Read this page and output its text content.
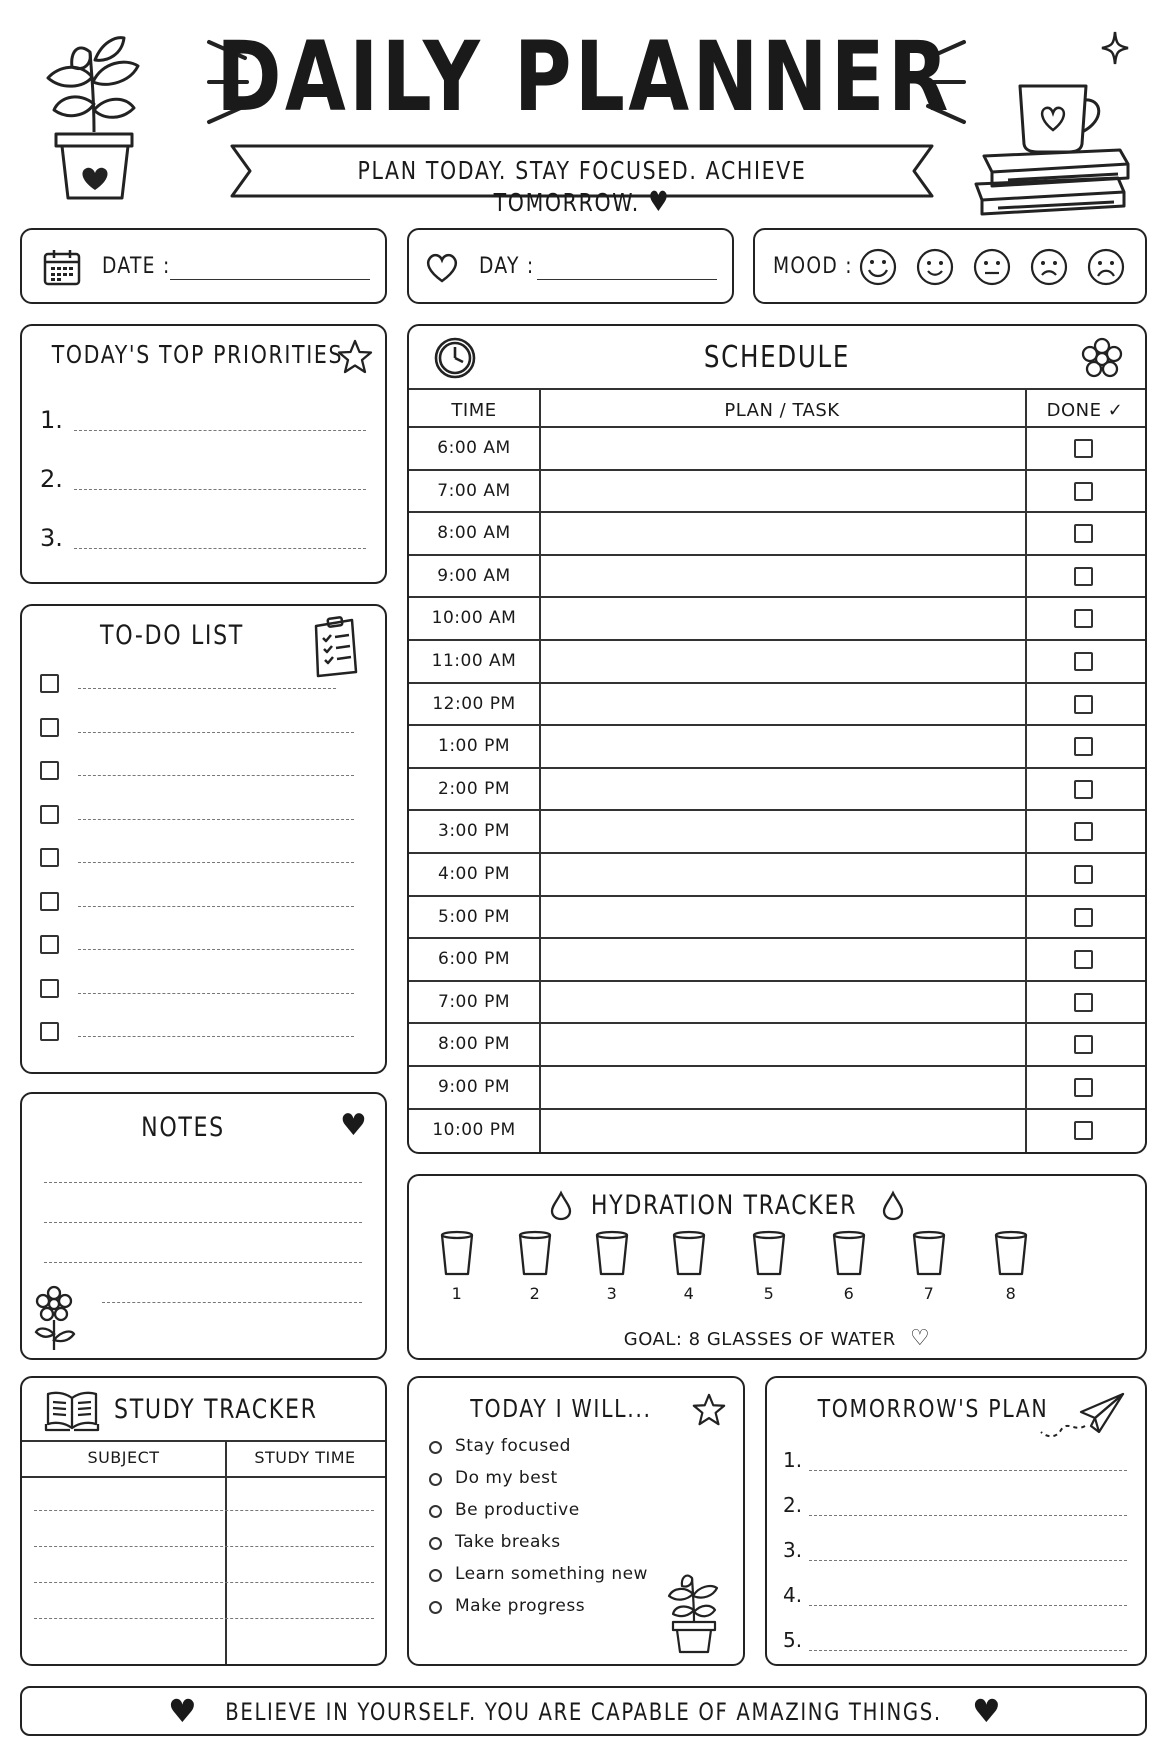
DAILY PLANNER
PLAN TODAY. STAY FOCUSED. ACHIEVE TOMORROW. ♥
DATE :	DAY :	MOOD :
TODAY'S TOP PRIORITIES
1.
2.
3.
TO-DO LIST
NOTES	♥
STUDY TRACKER
SUBJECT	STUDY TIME
SCHEDULE
TIME	PLAN / TASK	DONE ✓
6:00 AM
7:00 AM
8:00 AM
9:00 AM
10:00 AM
11:00 AM
12:00 PM
1:00 PM
2:00 PM
3:00 PM
4:00 PM
5:00 PM
6:00 PM
7:00 PM
8:00 PM
9:00 PM
10:00 PM
HYDRATION TRACKER
GOAL: 8 GLASSES OF WATER ♡
1	2	3	4	5	6	7	8
TODAY I WILL...
Stay focused
Do my best
Be productive
Take breaks
Learn something new
Make progress
TOMORROW'S PLAN
1.
2.
3.
4.
5.
♥	BELIEVE IN YOURSELF. YOU ARE CAPABLE OF AMAZING THINGS. ♥
